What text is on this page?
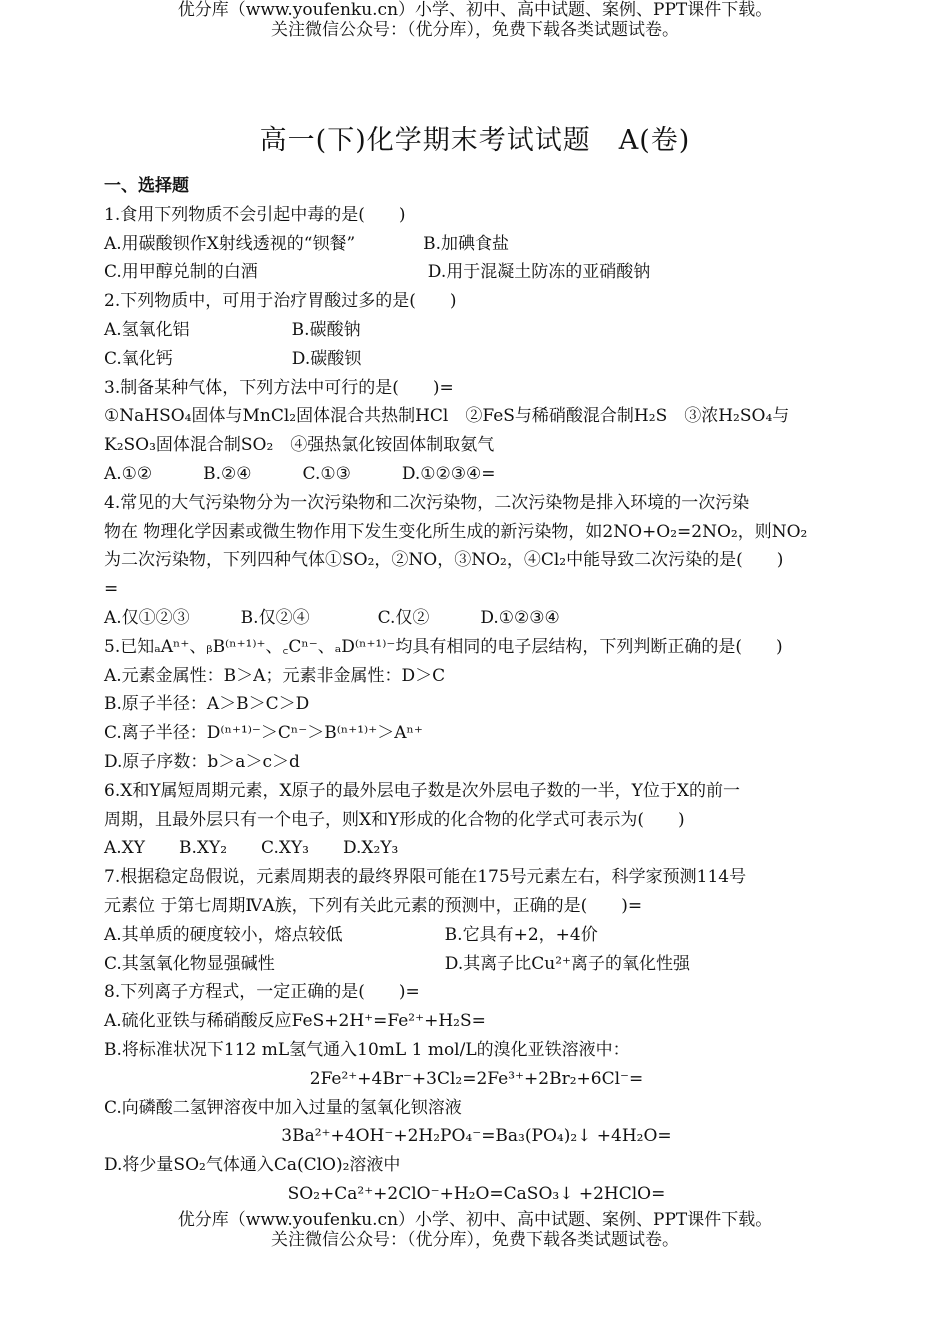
优分库（www.youfenku.cn）小学、初中、高中试题、案例、PPT课件下载。
关注微信公众号：（优分库），免费下载各类试题试卷。
高一(下)化学期末考试试题　A(卷)
一、选择题
1.食用下列物质不会引起中毒的是(　　)
A.用碳酸钡作X射线透视的“钡餐”　　　　B.加碘食盐
C.用甲醇兑制的白酒　　　　　　　　　　D.用于混凝土防冻的亚硝酸钠
2.下列物质中，可用于治疗胃酸过多的是(　　)
A.氢氧化铝　　　　　　B.碳酸钠
C.氧化钙　　　　　　　D.碳酸钡
3.制备某种气体，下列方法中可行的是(　　)=
①NaHSO₄固体与MnCl₂固体混合共热制HCl　②FeS与稀硝酸混合制H₂S　③浓H₂SO₄与
K₂SO₃固体混合制SO₂　④强热氯化铵固体制取氨气
A.①②　　　B.②④　　　C.①③　　　D.①②③④=
4.常见的大气污染物分为一次污染物和二次污染物，二次污染物是排入环境的一次污染
物在 物理化学因素或微生物作用下发生变化所生成的新污染物，如2NO+O₂=2NO₂，则NO₂
为二次污染物，下列四种气体①SO₂，②NO，③NO₂，④Cl₂中能导致二次污染的是(　　)
=
A.仅①②③　　　B.仅②④　　　　C.仅②　　　D.①②③④
5.已知ₐAⁿ⁺、ᵦB⁽ⁿ⁺¹⁾⁺、꜀Cⁿ⁻、ₐD⁽ⁿ⁺¹⁾⁻均具有相同的电子层结构，下列判断正确的是(　　)
A.元素金属性：B＞A；元素非金属性：D＞C
B.原子半径：A＞B＞C＞D
C.离子半径：D⁽ⁿ⁺¹⁾⁻＞Cⁿ⁻＞B⁽ⁿ⁺¹⁾⁺＞Aⁿ⁺
D.原子序数：b＞a＞c＞d
6.X和Y属短周期元素，X原子的最外层电子数是次外层电子数的一半，Y位于X的前一
周期，且最外层只有一个电子，则X和Y形成的化合物的化学式可表示为(　　)
A.XY　　B.XY₂　　C.XY₃　　D.X₂Y₃
7.根据稳定岛假说，元素周期表的最终界限可能在175号元素左右，科学家预测114号
元素位 于第七周期ⅣA族，下列有关此元素的预测中，正确的是(　　)=
A.其单质的硬度较小，熔点较低　　　　　　B.它具有+2，+4价
C.其氢氧化物显强碱性　　　　　　　　　　D.其离子比Cu²⁺离子的氧化性强
8.下列离子方程式，一定正确的是(　　)=
A.硫化亚铁与稀硝酸反应FeS+2H⁺=Fe²⁺+H₂S=
B.将标准状况下112 mL氢气通入10mL 1 mol/L的溴化亚铁溶液中：
2Fe²⁺+4Br⁻+3Cl₂=2Fe³⁺+2Br₂+6Cl⁻=
C.向磷酸二氢钾溶夜中加入过量的氢氧化钡溶液
3Ba²⁺+4OH⁻+2H₂PO₄⁻=Ba₃(PO₄)₂↓ +4H₂O=
D.将少量SO₂气体通入Ca(ClO)₂溶液中
SO₂+Ca²⁺+2ClO⁻+H₂O=CaSO₃↓ +2HClO=
优分库（www.youfenku.cn）小学、初中、高中试题、案例、PPT课件下载。
关注微信公众号：（优分库），免费下载各类试题试卷。
